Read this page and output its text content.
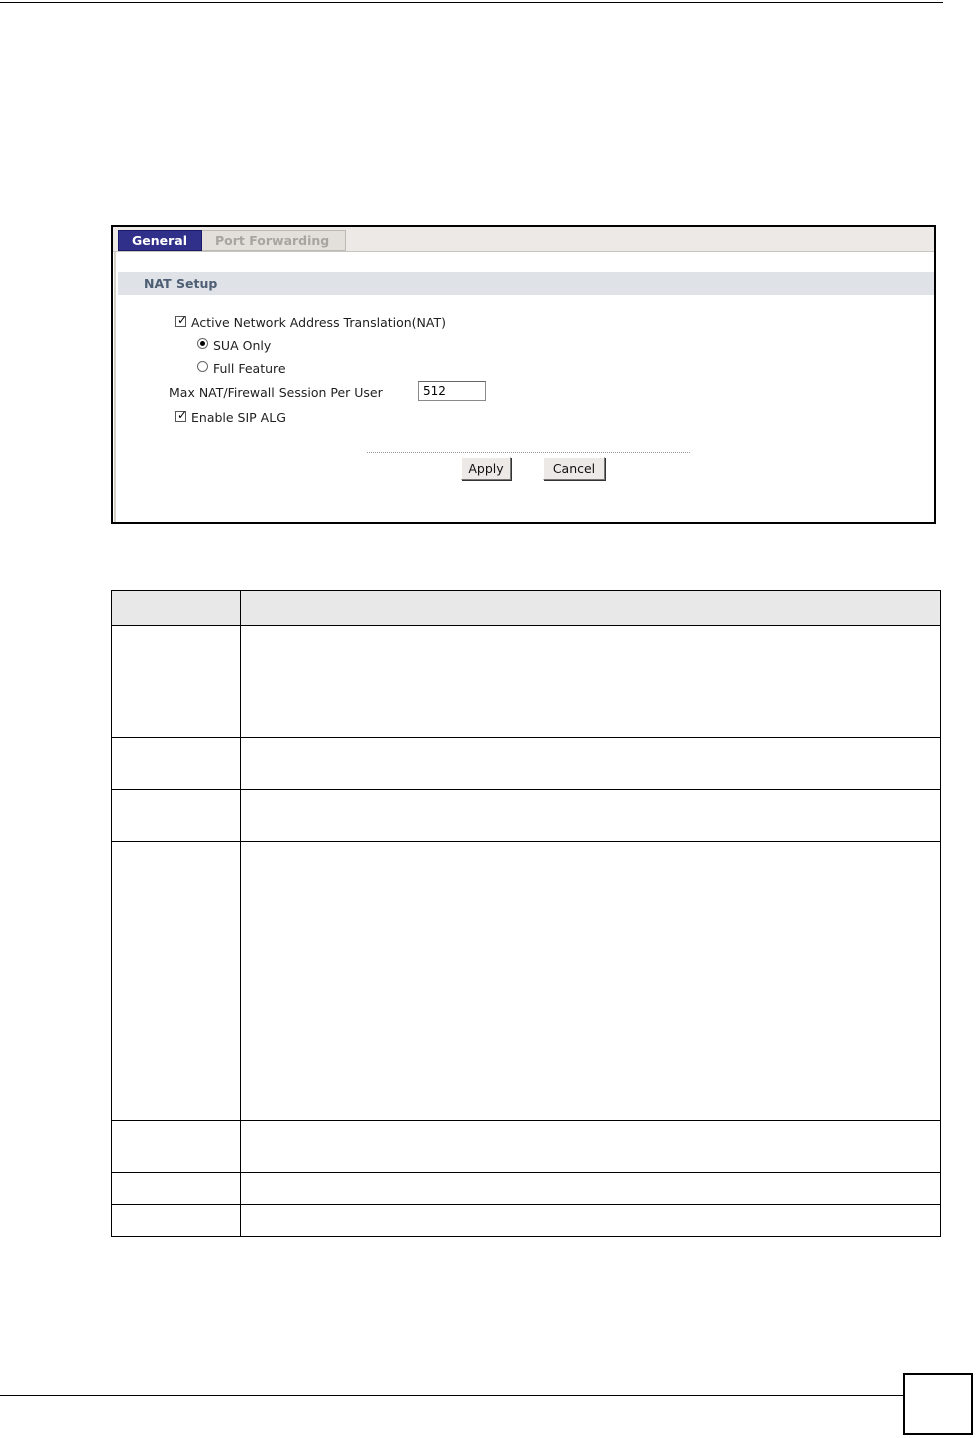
General	Port Forwarding
NAT Setup
✓ Active Network Address Translation(NAT)
SUA Only
Full Feature
Max NAT/Firewall Session Per User
512
✓ Enable SIP ALG
Apply	Cancel
